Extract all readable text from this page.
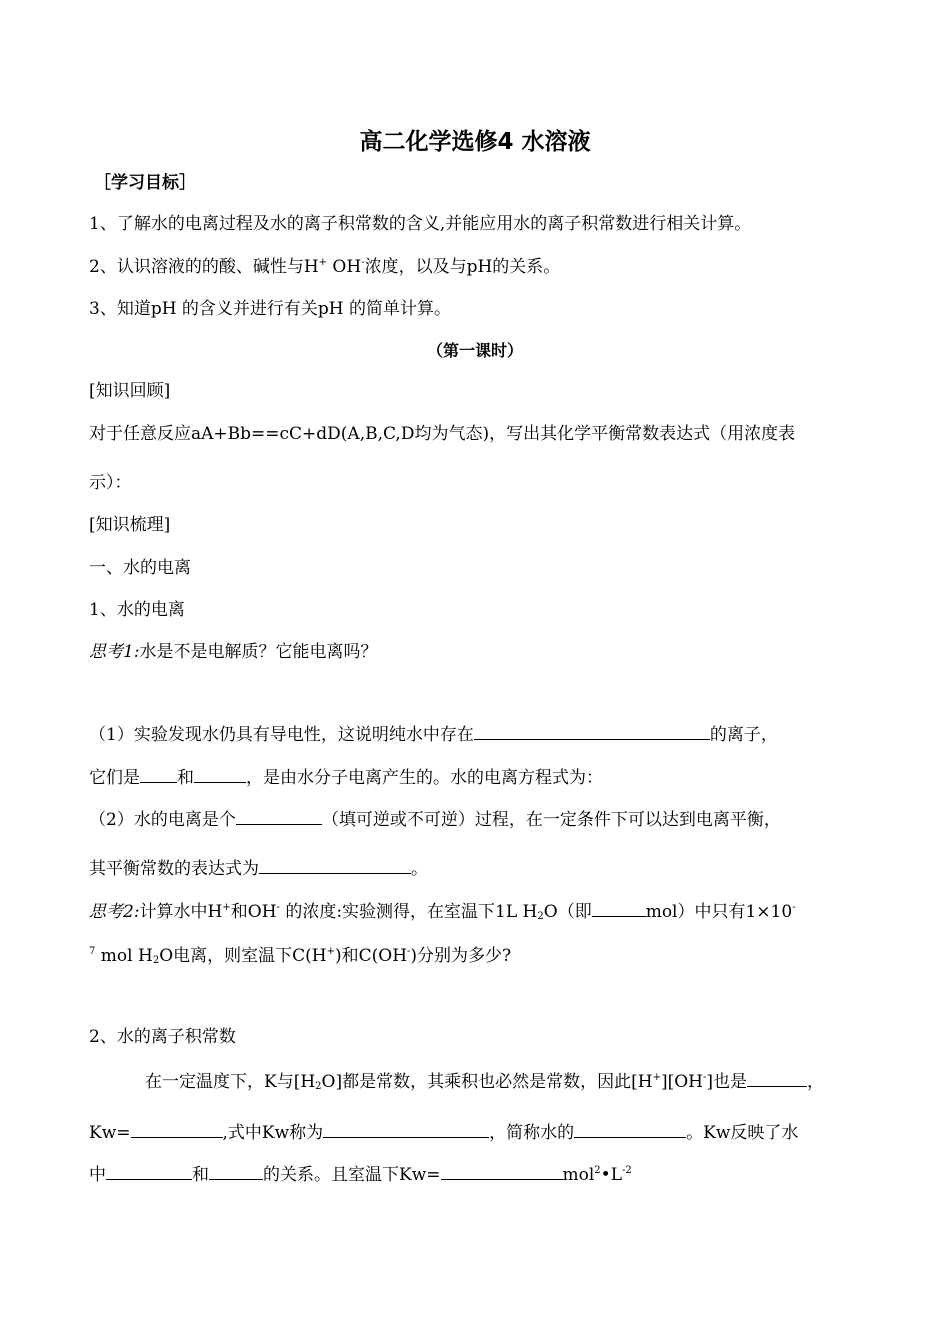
高二化学选修4 水溶液
［学习目标］
1、了解水的电离过程及水的离子积常数的含义,并能应用水的离子积常数进行相关计算。
2、认识溶液的的酸、碱性与H+ OH-浓度，以及与pH的关系。
3、知道pH 的含义并进行有关pH 的简单计算。
（第一课时）
[知识回顾]
对于任意反应aA+Bb==cC+dD(A,B,C,D均为气态)，写出其化学平衡常数表达式（用浓度表
示）：
[知识梳理]
一、水的电离
1、水的电离
思考1:水是不是电解质？它能电离吗？
（1）实验发现水仍具有导电性，这说明纯水中存在	的离子，
它们是 和	，是由水分子电离产生的。水的电离方程式为：
（2）水的电离是个	（填可逆或不可逆）过程，在一定条件下可以达到电离平衡，
其平衡常数的表达式为	。
思考2:计算水中H+和OH- 的浓度:实验测得，在室温下1L $H_2O$（即	mol）中只有1×10-
$^7$ mol $H_2O$电离，则室温下C(H+)和C(OH-)分别为多少?
2、水的离子积常数
在一定温度下，K与$[H_2O]$都是常数，其乘积也必然是常数，因此[H+][OH-]也是	，
Kw=	,式中Kw称为	，简称水的	。Kw反映了水
中	和	的关系。且室温下Kw=	$mol^2•L^{-2}$
